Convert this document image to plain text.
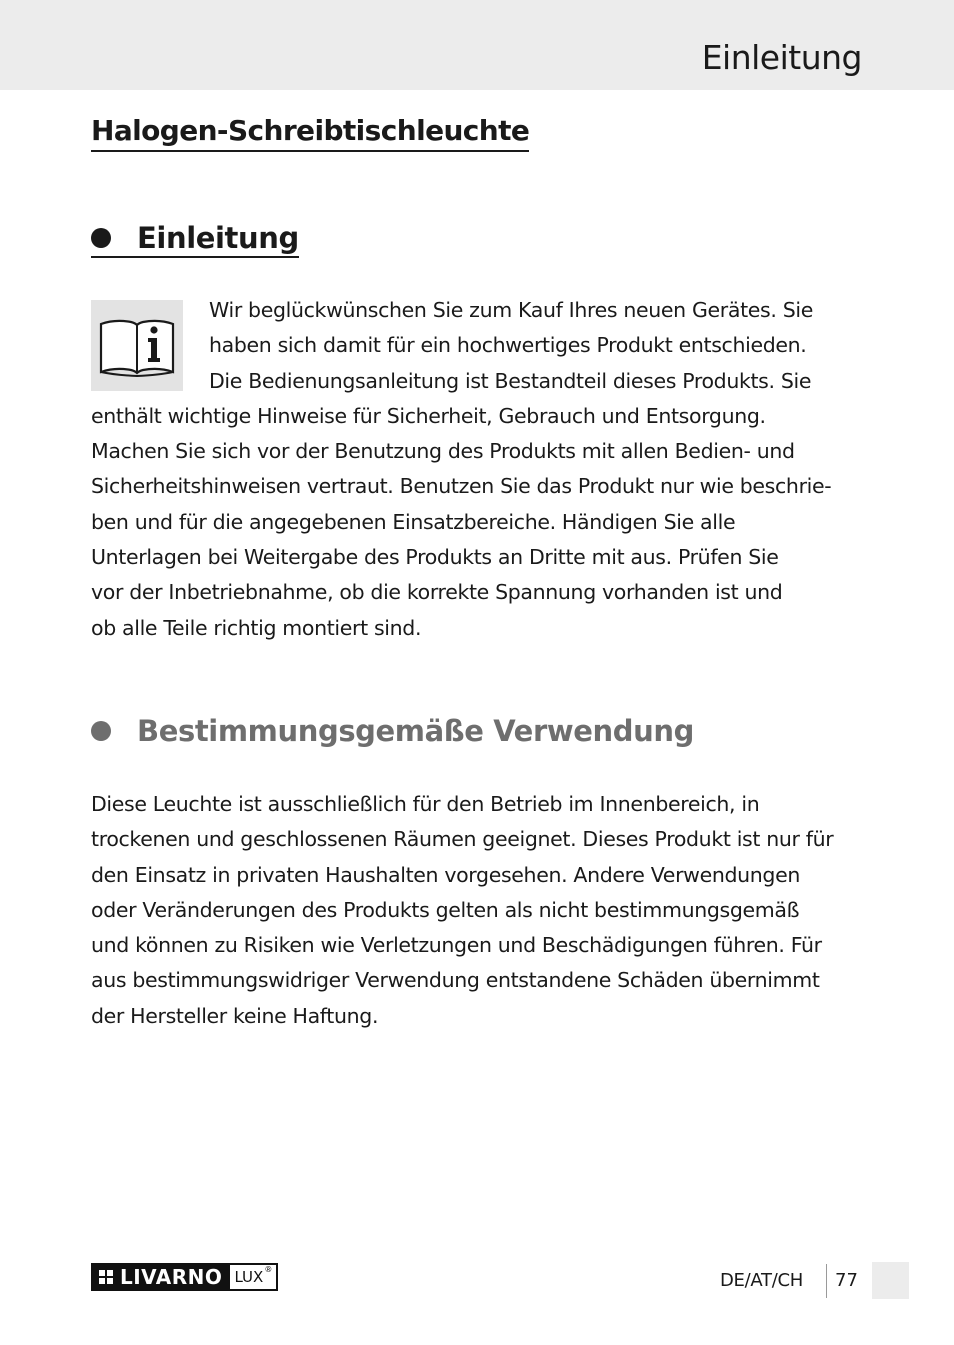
Einleitung
Halogen-Schreibtischleuchte
Einleitung
Wir beglückwünschen Sie zum Kauf Ihres neuen Gerätes. Sie
haben sich damit für ein hochwertiges Produkt entschieden.
Die Bedienungsanleitung ist Bestandteil dieses Produkts. Sie
enthält wichtige Hinweise für Sicherheit, Gebrauch und Entsorgung.
Machen Sie sich vor der Benutzung des Produkts mit allen Bedien- und
Sicherheitshinweisen vertraut. Benutzen Sie das Produkt nur wie beschrie-
ben und für die angegebenen Einsatzbereiche. Händigen Sie alle
Unterlagen bei Weitergabe des Produkts an Dritte mit aus. Prüfen Sie
vor der Inbetriebnahme, ob die korrekte Spannung vorhanden ist und
ob alle Teile richtig montiert sind.
Bestimmungsgemäße Verwendung
Diese Leuchte ist ausschließlich für den Betrieb im Innenbereich, in
trockenen und geschlossenen Räumen geeignet. Dieses Produkt ist nur für
den Einsatz in privaten Haushalten vorgesehen. Andere Verwendungen
oder Veränderungen des Produkts gelten als nicht bestimmungsgemäß
und können zu Risiken wie Verletzungen und Beschädigungen führen. Für
aus bestimmungswidriger Verwendung entstandene Schäden übernimmt
der Hersteller keine Haftung.
LIVARNO LUX ®
DE/AT/CH 77
